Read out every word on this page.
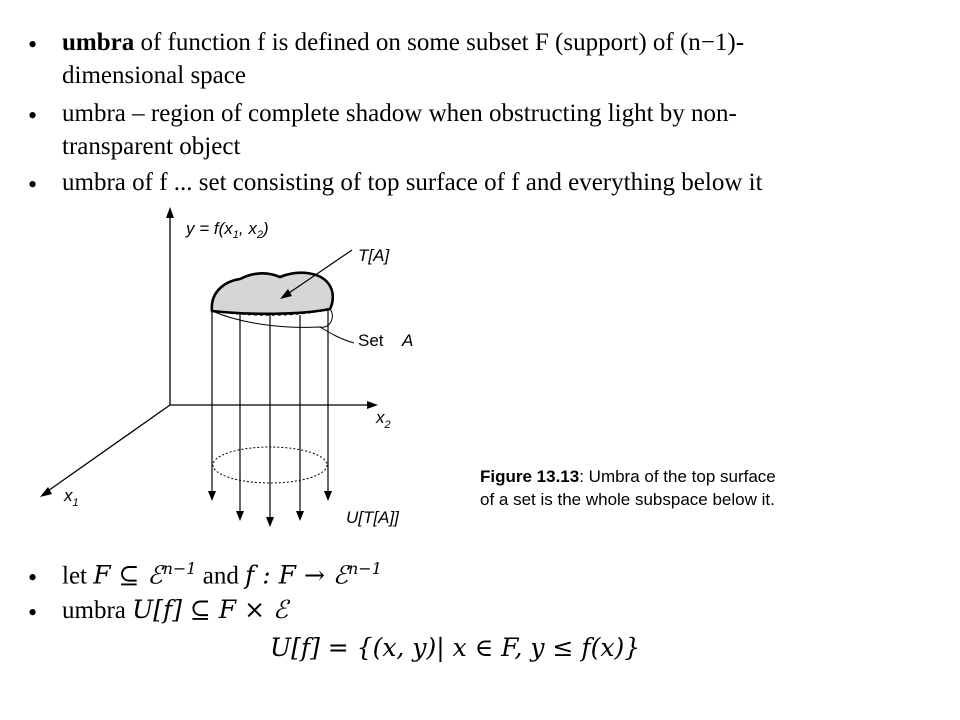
• umbra of function f is defined on some subset F (support) of (n−1)-
dimensional space
• umbra – region of complete shadow when obstructing light by non-
transparent object
• umbra of f ... set consisting of top surface of f and everything below it
$y = f(x_1$, $x_2$)
T[A]
Set A
$x_2$
$x_1$
U[T[A]]
Figure 13.13: Umbra of the top surface
of a set is the whole subspace below it.
• let F ⊆ ℰ$^{n-1}$ and f : F → ℰ$^{n-1}$
• umbra U[f] ⊆ F × ℰ
U[f] = {(x, y)| x ∈ F, y ≤ f(x)}
